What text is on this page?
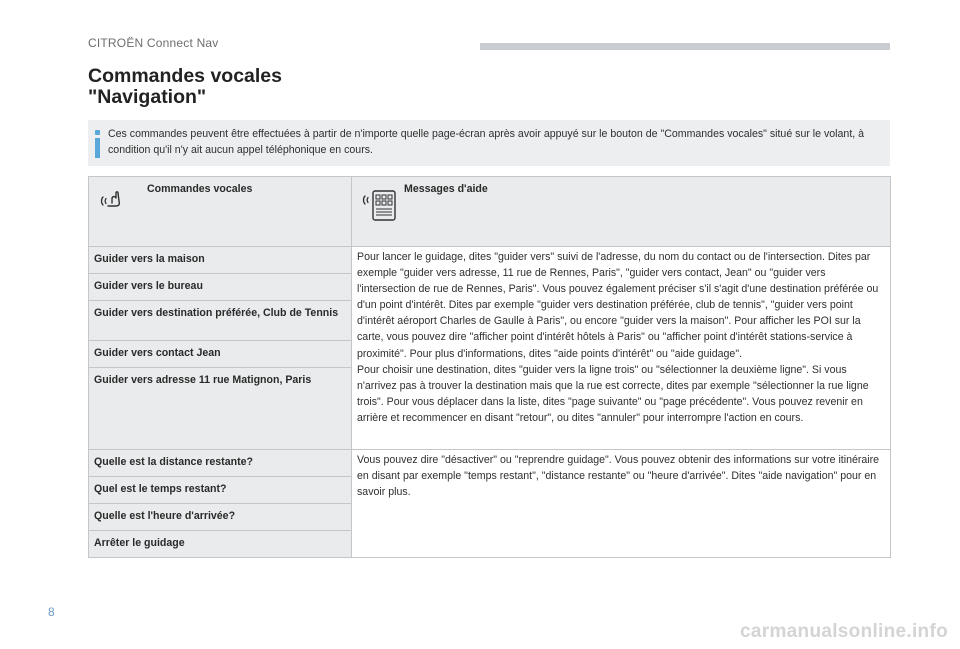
CITROËN Connect Nav
Commandes vocales
"Navigation"
Ces commandes peuvent être effectuées à partir de n'importe quelle page-écran après avoir appuyé sur le bouton de "Commandes vocales" situé sur le volant, à condition qu'il n'y ait aucun appel téléphonique en cours.
Commandes vocales	Messages d'aide

Guider vers la maison	Pour lancer le guidage, dites "guider vers" suivi de l'adresse, du nom du contact ou de l'intersection. Dites par exemple "guider vers adresse, 11 rue de Rennes, Paris", "guider vers contact, Jean" ou "guider vers l'intersection de rue de Rennes, Paris". Vous pouvez également préciser s'il s'agit d'une destination préférée ou d'un point d'intérêt. Dites par exemple "guider vers destination préférée, club de tennis", "guider vers point d'intérêt aéroport Charles de Gaulle à Paris", ou encore "guider vers la maison". Pour afficher les POI sur la carte, vous pouvez dire "afficher point d'intérêt hôtels à Paris" ou "afficher point d'intérêt stations-service à proximité". Pour plus d'informations, dites "aide points d'intérêt" ou "aide guidage".
Pour choisir une destination, dites "guider vers la ligne trois" ou "sélectionner la deuxième ligne". Si vous n'arrivez pas à trouver la destination mais que la rue est correcte, dites par exemple "sélectionner la rue ligne trois". Pour vous déplacer dans la liste, dites "page suivante" ou "page précédente". Vous pouvez revenir en arrière et recommencer en disant "retour", ou dites "annuler" pour interrompre l'action en cours.
Guider vers le bureau	
Guider vers destination préférée, Club de Tennis	
Guider vers contact Jean	
Guider vers adresse 11 rue Matignon, Paris	
Quelle est la distance restante?	Vous pouvez dire "désactiver" ou "reprendre guidage". Vous pouvez obtenir des informations sur votre itinéraire en disant par exemple "temps restant", "distance restante" ou "heure d'arrivée". Dites "aide navigation" pour en savoir plus.
Quel est le temps restant?	
Quelle est l'heure d'arrivée?	
Arrêter le guidage	
8
carmanualsonline.info
